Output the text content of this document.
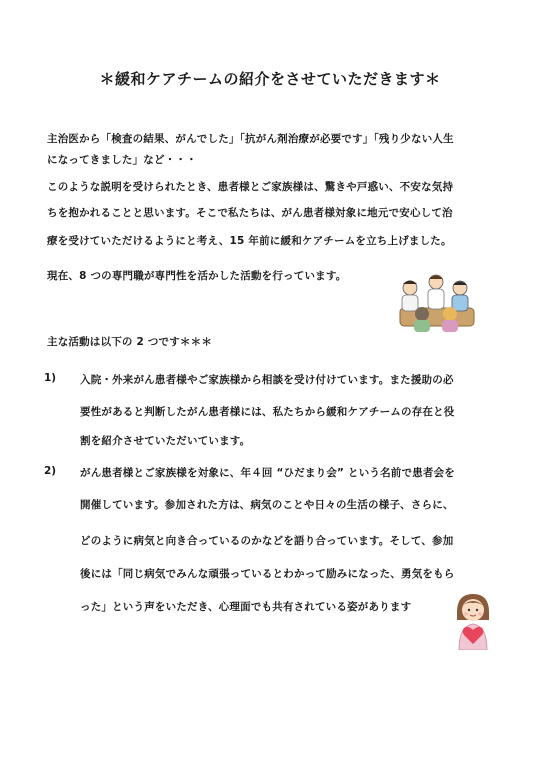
＊緩和ケアチームの紹介をさせていただきます＊
主治医から「検査の結果、がんでした」「抗がん剤治療が必要です」「残り少ない人生
になってきました」など・・・
このような説明を受けられたとき、患者様とご家族様は、驚きや戸惑い、不安な気持
ちを抱かれることと思います。そこで私たちは、がん患者様対象に地元で安心して治
療を受けていただけるようにと考え、15 年前に緩和ケアチームを立ち上げました。
現在、8 つの専門職が専門性を活かした活動を行っています。
主な活動は以下の 2 つです＊＊＊
1) 入院・外来がん患者様やご家族様から相談を受け付けています。また援助の必
要性があると判断したがん患者様には、私たちから緩和ケアチームの存在と役
割を紹介させていただいています。
2) がん患者様とご家族様を対象に、年４回 “ひだまり会” という名前で患者会を
開催しています。参加された方は、病気のことや日々の生活の様子、さらに、
どのように病気と向き合っているのかなどを語り合っています。そして、参加
後には「同じ病気でみんな頑張っているとわかって励みになった、勇気をもら
った」という声をいただき、心理面でも共有されている姿があります
